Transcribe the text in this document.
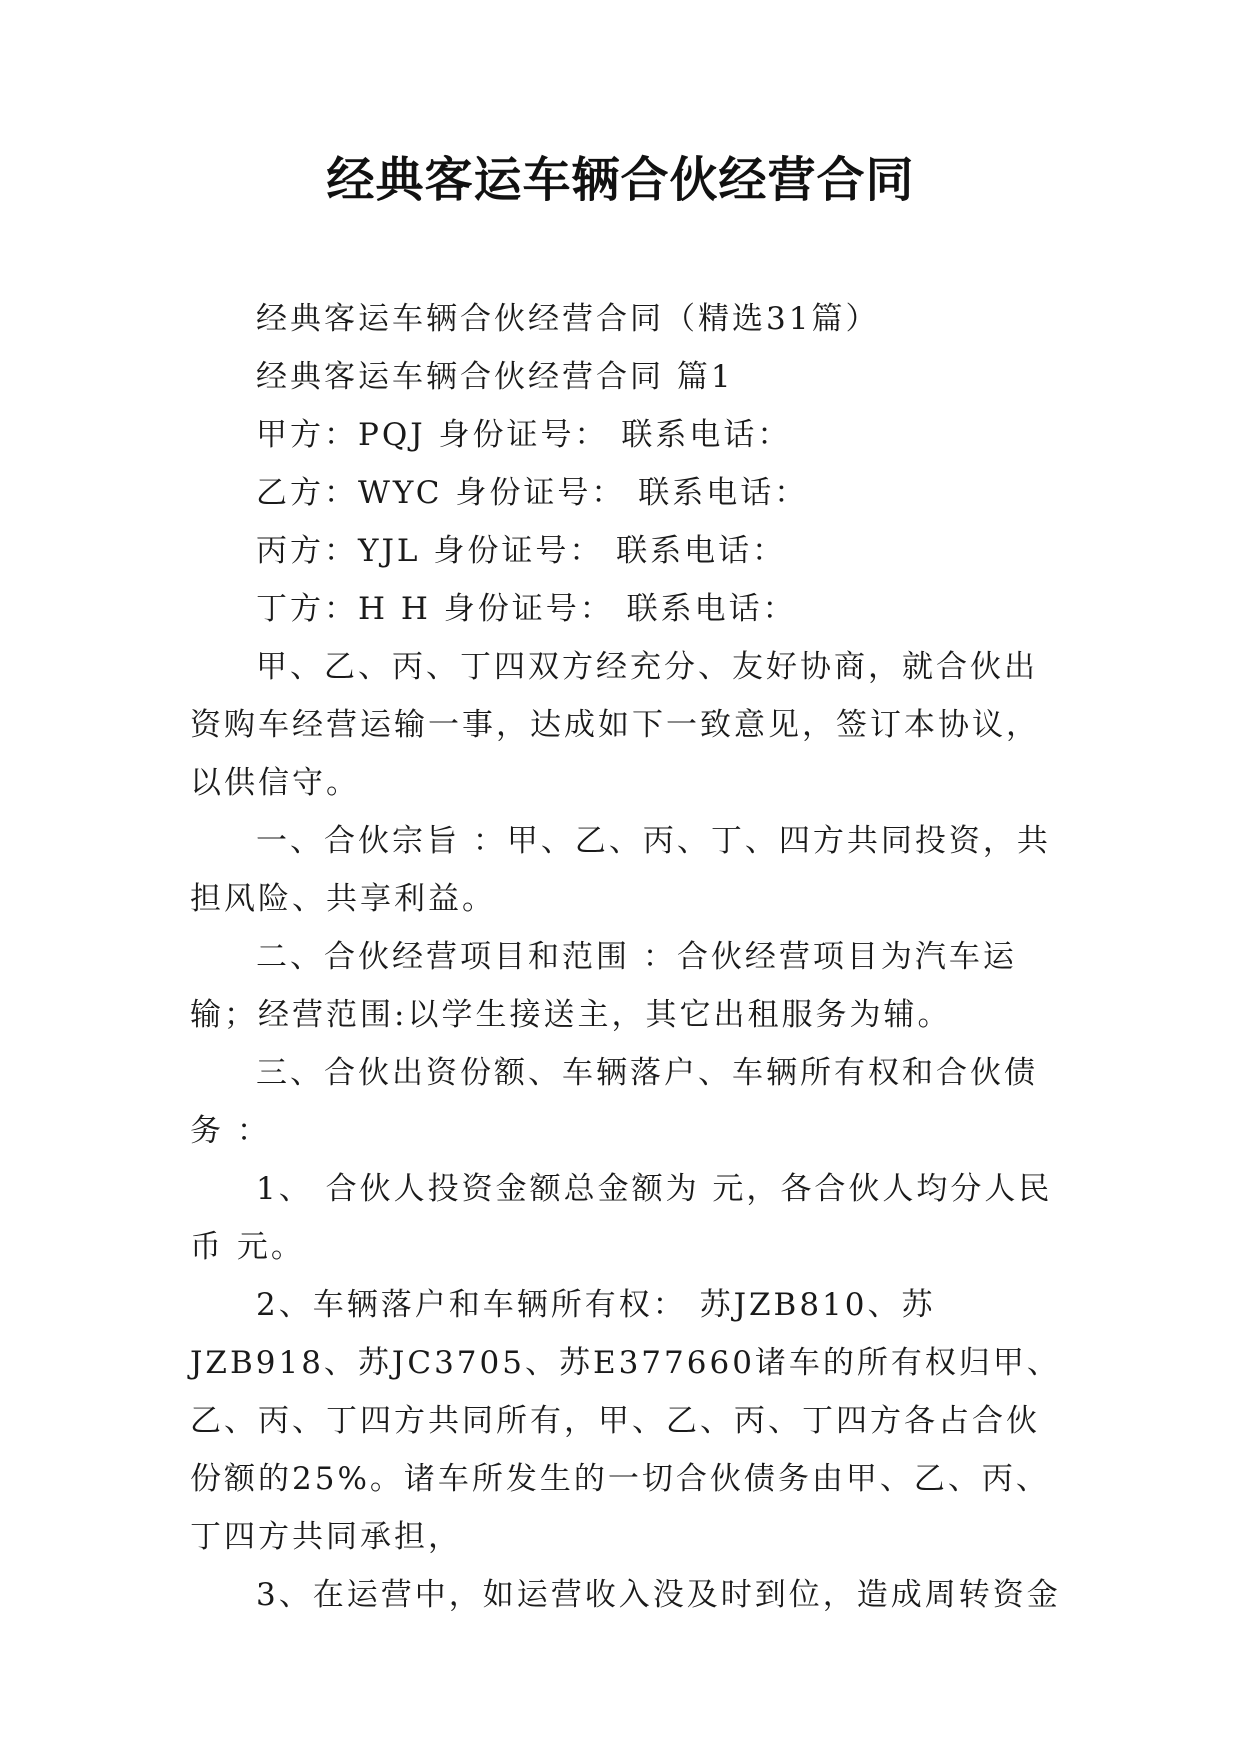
经典客运车辆合伙经营合同

经典客运车辆合伙经营合同（精选31篇）

经典客运车辆合伙经营合同 篇1

甲方：PQJ 身份证号： 联系电话：

乙方：WYC 身份证号： 联系电话：

丙方：YJL 身份证号： 联系电话：

丁方：H H 身份证号： 联系电话：

甲、乙、丙、丁四双方经充分、友好协商，就合伙出资购车经营运输一事，达成如下一致意见，签订本协议，以供信守。

一、合伙宗旨 ：甲、乙、丙、丁、四方共同投资，共担风险、共享利益。

二、合伙经营项目和范围 ：合伙经营项目为汽车运输；经营范围:以学生接送主，其它出租服务为辅。

三、合伙出资份额、车辆落户、车辆所有权和合伙债务 ：

1、 合伙人投资金额总金额为 元，各合伙人均分人民币 元。

2、车辆落户和车辆所有权： 苏JZB810、苏JZB918、苏JC3705、苏E377660诸车的所有权归甲、乙、丙、丁四方共同所有，甲、乙、丙、丁四方各占合伙份额的25%。诸车所发生的一切合伙债务由甲、乙、丙、丁四方共同承担，

3、在运营中，如运营收入没及时到位，造成周转资金
